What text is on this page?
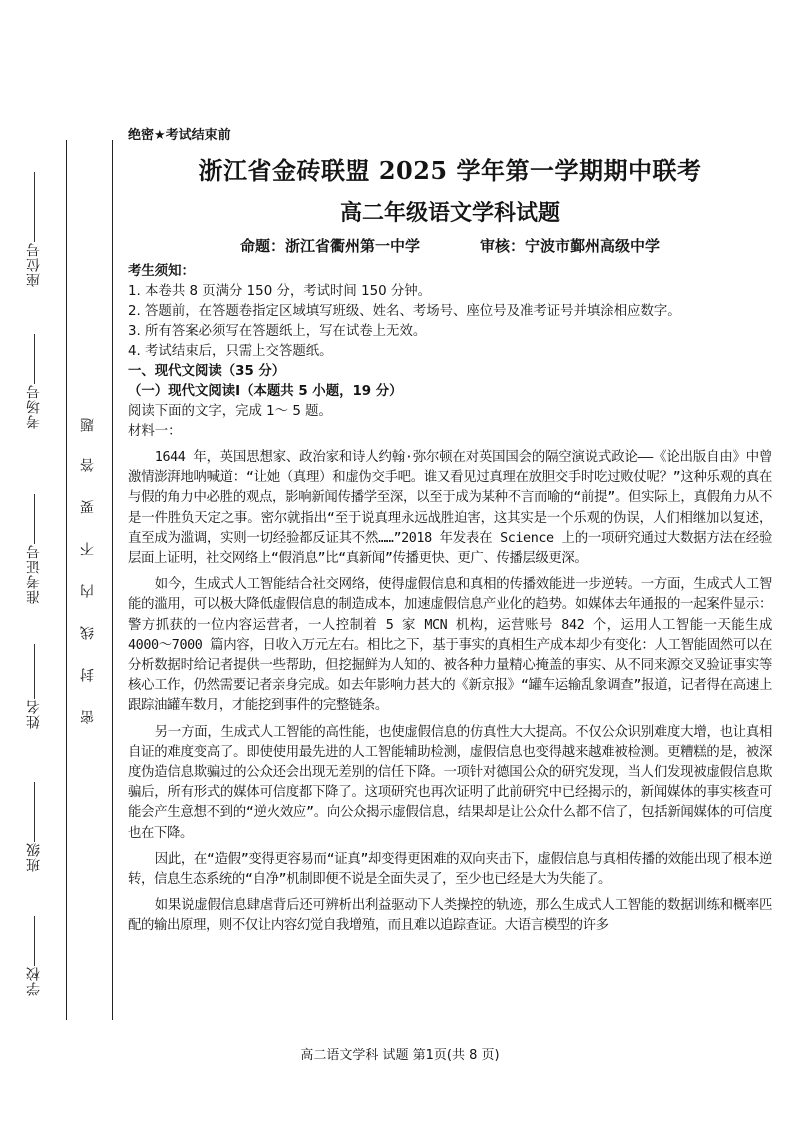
座位号
考场号
准考证号
姓名
班级
学校
题
答
要
不
内
线
封
密
绝密★考试结束前
浙江省金砖联盟 2025 学年第一学期期中联考
高二年级语文学科试题
命题：浙江省衢州第一中学	审核：宁波市鄞州高级中学
考生须知：
1. 本卷共 8 页满分 150 分，考试时间 150 分钟。
2. 答题前，在答题卷指定区域填写班级、姓名、考场号、座位号及准考证号并填涂相应数字。
3. 所有答案必须写在答题纸上，写在试卷上无效。
4. 考试结束后，只需上交答题纸。
一、现代文阅读（35 分）
（一）现代文阅读Ⅰ（本题共 5 小题，19 分）
阅读下面的文字，完成 1～ 5 题。
材料一：
1644 年，英国思想家、政治家和诗人约翰·弥尔顿在对英国国会的隔空演说式政论——《论出版自由》中曾激情澎湃地呐喊道：“让她（真理）和虚伪交手吧。谁又看见过真理在放胆交手时吃过败仗呢？”这种乐观的真在与假的角力中必胜的观点，影响新闻传播学至深，以至于成为某种不言而喻的“前提”。但实际上，真假角力从不是一件胜负天定之事。密尔就指出“至于说真理永远战胜迫害，这其实是一个乐观的伪误，人们相继加以复述，直至成为滥调，实则一切经验都反证其不然……”2018 年发表在 Science 上的一项研究通过大数据方法在经验层面上证明，社交网络上“假消息”比“真新闻”传播更快、更广、传播层级更深。
如今，生成式人工智能结合社交网络，使得虚假信息和真相的传播效能进一步逆转。一方面，生成式人工智能的滥用，可以极大降低虚假信息的制造成本，加速虚假信息产业化的趋势。如媒体去年通报的一起案件显示：警方抓获的一位内容运营者，一人控制着 5 家 MCN 机构，运营账号 842 个，运用人工智能一天能生成 4000～7000 篇内容，日收入万元左右。相比之下，基于事实的真相生产成本却少有变化：人工智能固然可以在分析数据时给记者提供一些帮助，但挖掘鲜为人知的、被各种力量精心掩盖的事实、从不同来源交叉验证事实等核心工作，仍然需要记者亲身完成。如去年影响力甚大的《新京报》“罐车运输乱象调查”报道，记者得在高速上跟踪油罐车数月，才能挖到事件的完整链条。
另一方面，生成式人工智能的高性能，也使虚假信息的仿真性大大提高。不仅公众识别难度大增，也让真相自证的难度变高了。即使使用最先进的人工智能辅助检测，虚假信息也变得越来越难被检测。更糟糕的是，被深度伪造信息欺骗过的公众还会出现无差别的信任下降。一项针对德国公众的研究发现，当人们发现被虚假信息欺骗后，所有形式的媒体可信度都下降了。这项研究也再次证明了此前研究中已经揭示的，新闻媒体的事实核查可能会产生意想不到的“逆火效应”。向公众揭示虚假信息，结果却是让公众什么都不信了，包括新闻媒体的可信度也在下降。
因此，在“造假”变得更容易而“证真”却变得更困难的双向夹击下，虚假信息与真相传播的效能出现了根本逆转，信息生态系统的“自净”机制即便不说是全面失灵了，至少也已经是大为失能了。
如果说虚假信息肆虐背后还可辨析出利益驱动下人类操控的轨迹，那么生成式人工智能的数据训练和概率匹配的输出原理，则不仅让内容幻觉自我增殖，而且难以追踪查证。大语言模型的许多
高二语文学科 试题 第1页(共 8 页)
